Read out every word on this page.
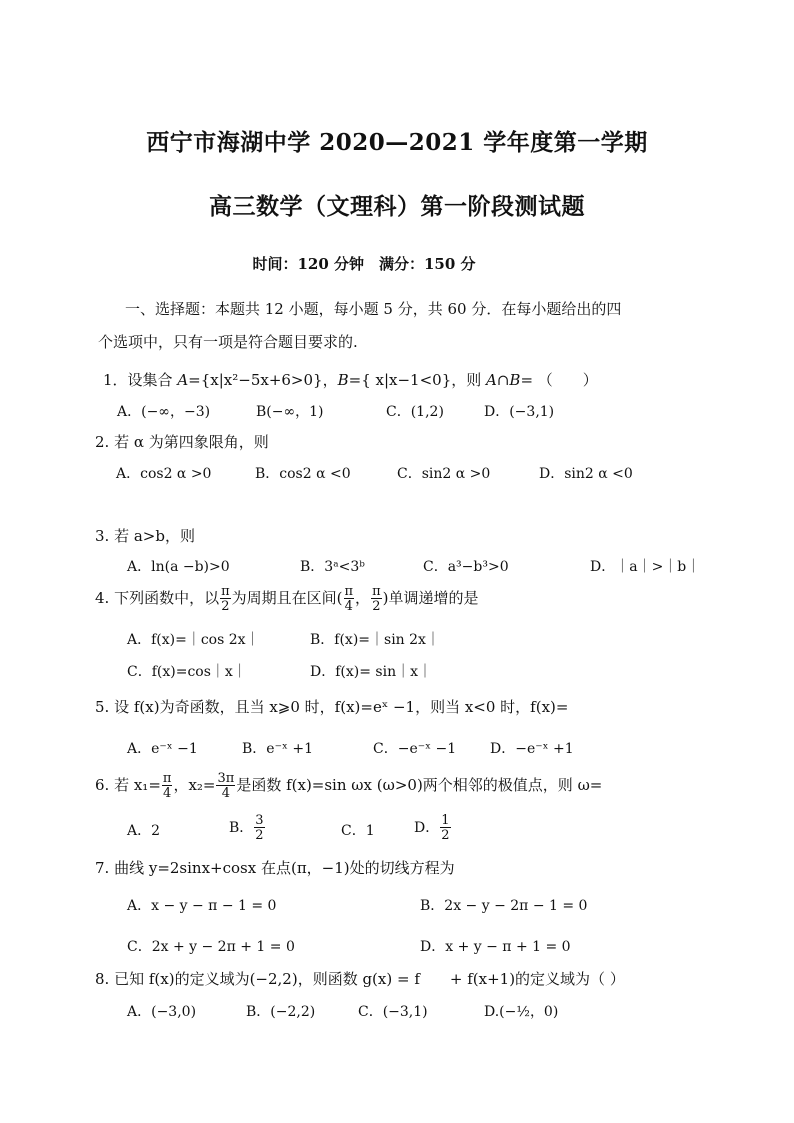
西宁市海湖中学 2020—2021 学年度第一学期
高三数学（文理科）第一阶段测试题
时间：120 分钟　满分：150 分
一、选择题：本题共 12 小题，每小题 5 分，共 60 分．在每小题给出的四
个选项中，只有一项是符合题目要求的.
1．设集合 A={x|x²−5x+6>0}，B={ x|x−1<0}，则 A∩B= （　　）
A．(−∞，−3)	B(−∞，1)	C．(1,2)	D．(−3,1)
2. 若 α 为第四象限角，则
A．cos2 α >0	B．cos2 α <0	C．sin2 α >0	D．sin2 α <0
3. 若 a>b，则
A．ln(a −b)>0	B．3ᵃ<3ᵇ	C．a³−b³>0	D．｜a｜>｜b｜
4. 下列函数中，以 $\frac{\pi}{2}$ 为周期且在区间( $\frac{\pi}{4}$ ， $\frac{\pi}{2}$ )单调递增的是
A．f(x)=｜cos 2x｜	B．f(x)=｜sin 2x｜
C．f(x)=cos｜x｜	D．f(x)= sin｜x｜
5. 设 f(x)为奇函数，且当 x⩾0 时，f(x)=eˣ −1，则当 x<0 时，f(x)=
A．e⁻ˣ −1	B．e⁻ˣ +1	C．−e⁻ˣ −1 D．−e⁻ˣ +1
6. 若 $x_1= \frac{\pi}{4}$ ，$x_2= \frac{3\pi}{4}$ 是函数 f(x)=sin ωx (ω>0)两个相邻的极值点，则 ω=
A．2	B． $\frac{3}{2}$	C．1	D． $\frac{1}{2}$
7. 曲线 y=2sinx+cosx 在点(π，−1)处的切线方程为
A．x − y − π − 1 = 0	B．2x − y − 2π − 1 = 0
C．2x + y − 2π + 1 = 0	D．x + y − π + 1 = 0
8. 已知 f(x)的定义域为(−2,2)，则函数 g(x) = f　　+ f(x+1)的定义域为（ ）
A．(−3,0)	B．(−2,2)	C．(−3,1)	D.(−½，0)
